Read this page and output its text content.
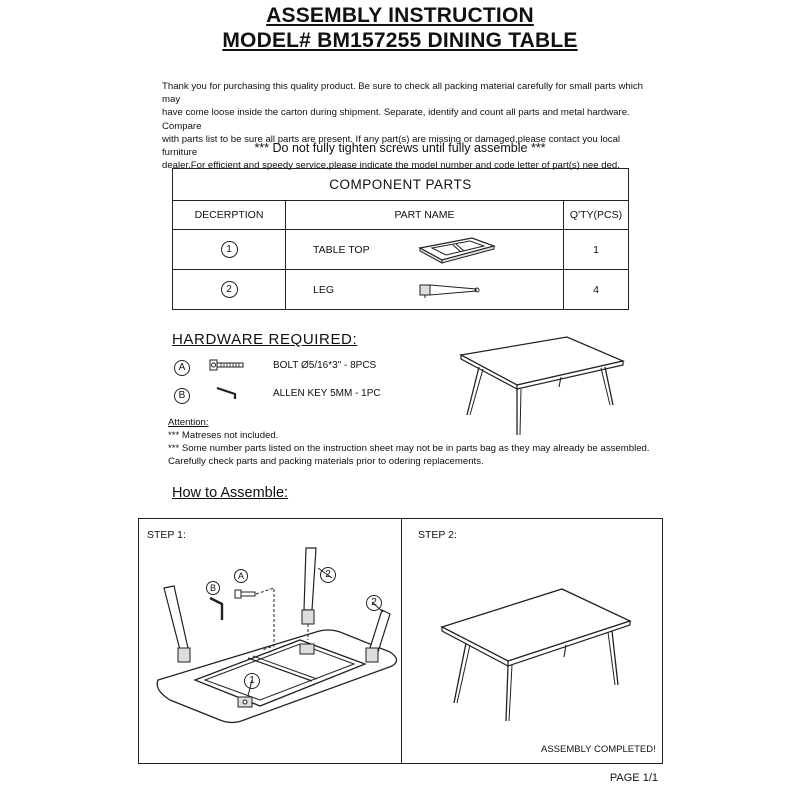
ASSEMBLY INSTRUCTION
MODEL# BM157255 DINING TABLE
Thank you for purchasing this quality product. Be sure to check all packing material carefully for small parts which may
have come loose inside the carton during shipment. Separate, identify and count all parts and metal hardware. Compare
with parts list to be sure all parts are present. If any part(s) are missing or damaged,please contact you local furniture
dealer.For efficient and speedy service,please indicate the model number and code letter of part(s) nee ded.
*** Do not fully tighten screws until fully assemble ***
COMPONENT PARTS		
DECERPTION	PART NAME	Q'TY(PCS)
1	TABLE TOP	1
2	LEG	4
HARDWARE REQUIRED:
A	BOLT Ø5/16*3" - 8PCS
B	ALLEN KEY 5MM - 1PC
Attention:
*** Matreses not included.
*** Some number parts listed on the instruction sheet may not be in parts bag as they may already be assembled.
Carefully check parts and packing materials prior to odering replacements.
How to Assemble:
STEP 1:	STEP 2:
B
A	2
2
1
ASSEMBLY COMPLETED!
PAGE 1/1
